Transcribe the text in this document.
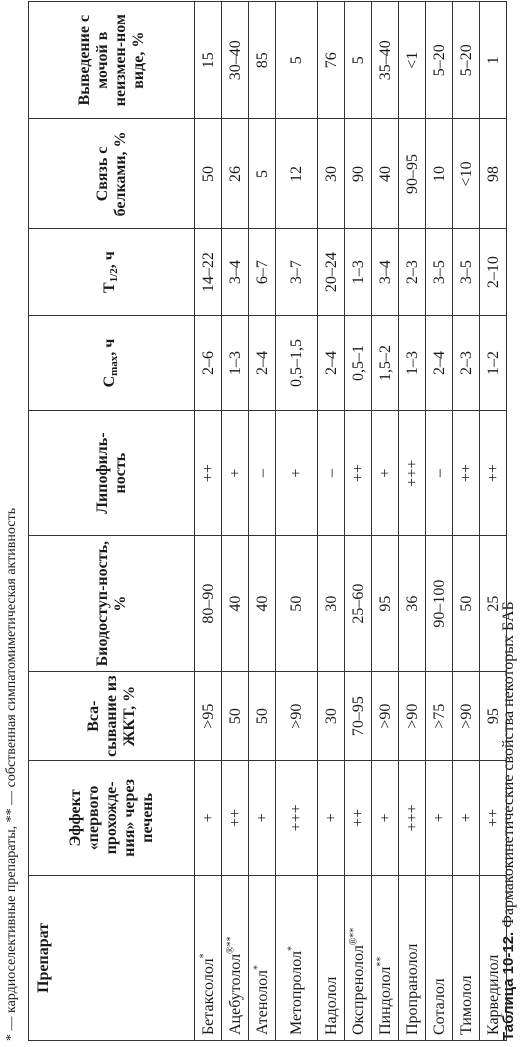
Таблица 10-12. Фармакокинетические свойства некоторых БАБ
Препарат	Эффект «первого прохожде-ния» через печень	Вса-сывание из ЖКТ, %	Биодоступ-ность, %	Липофиль-ность	$C_{max}$, ч	$T_{1/2}$, ч	Связь с белками, %	Выведение с мочой в неизмен-ном виде, %
Бетаксолол*	+	>95	80–90	++	2–6	14–22	50	15
Ацебутолол®**	++	50	40	+	1–3	3–4	26	30–40
Атенолол*	+	50	40	–	2–4	6–7	5	85
Метопролол*	+++	>90	50	+	0,5–1,5	3–7	12	5
Надолол	+	30	30	–	2–4	20–24	30	76
Окспренолол®**	++	70–95	25–60	++	0,5–1	1–3	90	5
Пиндолол**	+	>90	95	+	1,5–2	3–4	40	35–40
Пропранолол	+++	>90	36	+++	1–3	2–3	90–95	<1
Соталол	+	>75	90–100	–	2–4	3–5	10	5–20
Тимолол	+	>90	50	++	2–3	3–5	<10	5–20
Карведилол	++	95	25	++	1–2	2–10	98	1
* — кардиоселективные препараты, ** — собственная симпатомиметическая активность
